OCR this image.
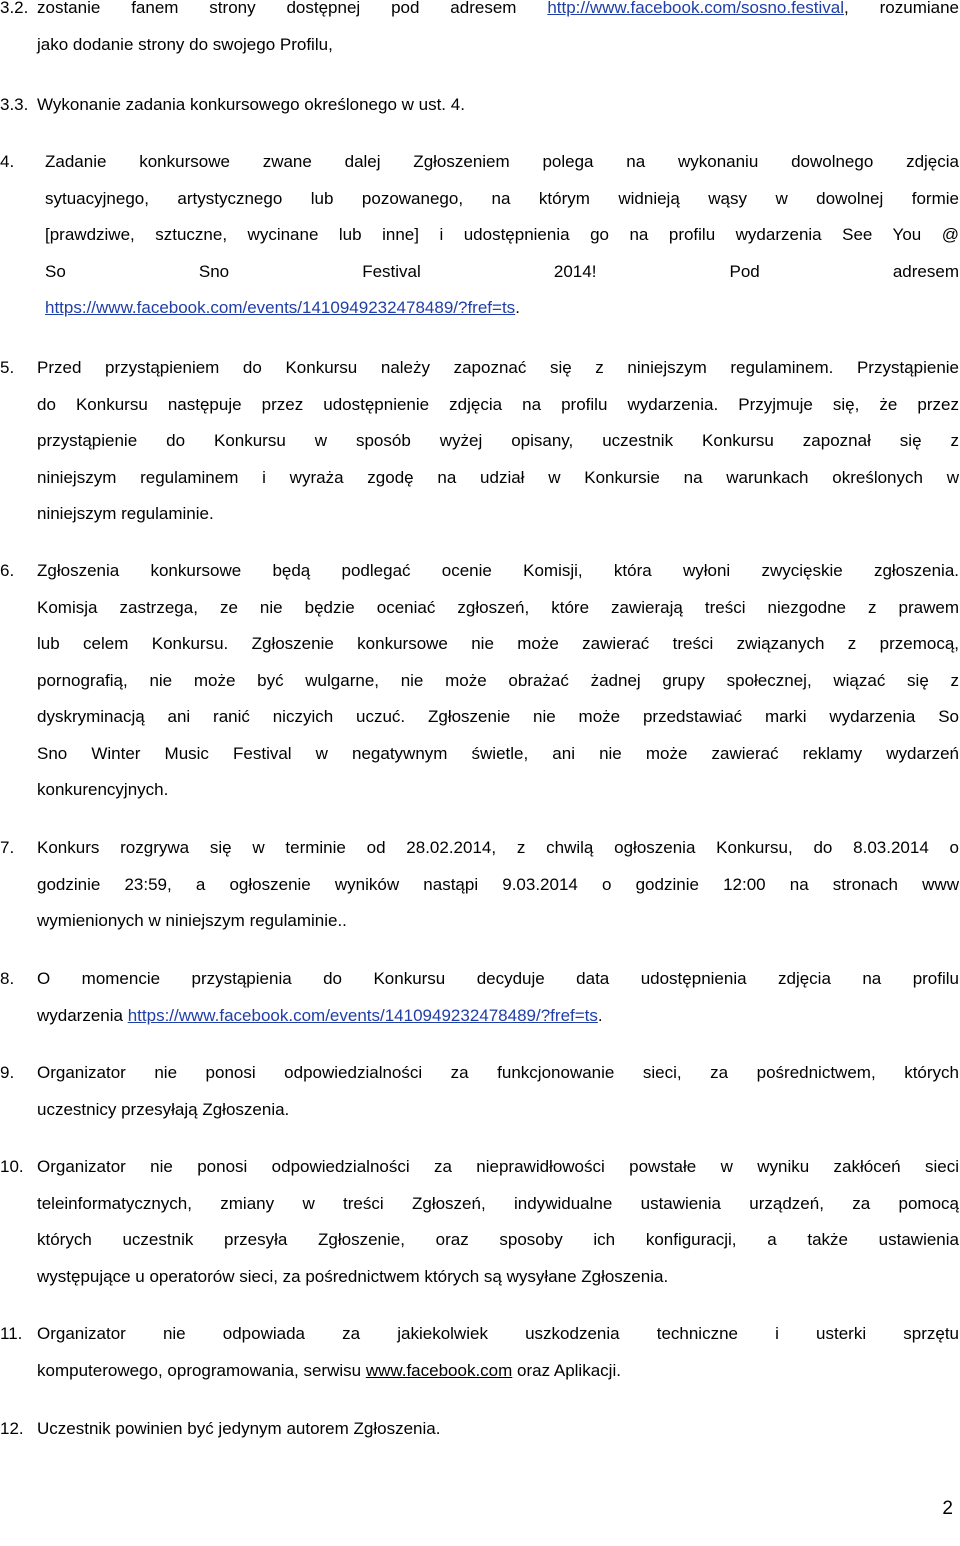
3.2. zostanie fanem strony dostępnej pod adresem http://www.facebook.com/sosno.festival, rozumiane

jako dodanie strony do swojego Profilu,

3.3. Wykonanie zadania konkursowego określonego w ust. 4.

4. Zadanie konkursowe zwane dalej Zgłoszeniem polega na wykonaniu dowolnego zdjęcia

sytuacyjnego, artystycznego lub pozowanego, na którym widnieją wąsy w dowolnej formie

[prawdziwe, sztuczne, wycinane lub inne] i udostępnienia go na profilu wydarzenia See You @

So Sno Festival 2014! Pod adresem

https://www.facebook.com/events/1410949232478489/?fref=ts.

5. Przed przystąpieniem do Konkursu należy zapoznać się z niniejszym regulaminem. Przystąpienie

do Konkursu następuje przez udostępnienie zdjęcia na profilu wydarzenia. Przyjmuje się, że przez

przystąpienie do Konkursu w sposób wyżej opisany, uczestnik Konkursu zapoznał się z

niniejszym regulaminem i wyraża zgodę na udział w Konkursie na warunkach określonych w

niniejszym regulaminie.

6. Zgłoszenia konkursowe będą podlegać ocenie Komisji, która wyłoni zwycięskie zgłoszenia.

Komisja zastrzega, ze nie będzie oceniać zgłoszeń, które zawierają treści niezgodne z prawem

lub celem Konkursu. Zgłoszenie konkursowe nie może zawierać treści związanych z przemocą,

pornografią, nie może być wulgarne, nie może obrażać żadnej grupy społecznej, wiązać się z

dyskryminacją ani ranić niczyich uczuć. Zgłoszenie nie może przedstawiać marki wydarzenia So

Sno Winter Music Festival w negatywnym świetle, ani nie może zawierać reklamy wydarzeń

konkurencyjnych.

7. Konkurs rozgrywa się w terminie od 28.02.2014, z chwilą ogłoszenia Konkursu, do 8.03.2014 o

godzinie 23:59, a ogłoszenie wyników nastąpi 9.03.2014 o godzinie 12:00 na stronach www

wymienionych w niniejszym regulaminie..

8. O momencie przystąpienia do Konkursu decyduje data udostępnienia zdjęcia na profilu

wydarzenia https://www.facebook.com/events/1410949232478489/?fref=ts.

9. Organizator nie ponosi odpowiedzialności za funkcjonowanie sieci, za pośrednictwem, których

uczestnicy przesyłają Zgłoszenia.

10. Organizator nie ponosi odpowiedzialności za nieprawidłowości powstałe w wyniku zakłóceń sieci

teleinformatycznych, zmiany w treści Zgłoszeń, indywidualne ustawienia urządzeń, za pomocą

których uczestnik przesyła Zgłoszenie, oraz sposoby ich konfiguracji, a także ustawienia

występujące u operatorów sieci, za pośrednictwem których są wysyłane Zgłoszenia.

11. Organizator nie odpowiada za jakiekolwiek uszkodzenia techniczne i usterki sprzętu

komputerowego, oprogramowania, serwisu www.facebook.com oraz Aplikacji.

12. Uczestnik powinien być jedynym autorem Zgłoszenia.

2
